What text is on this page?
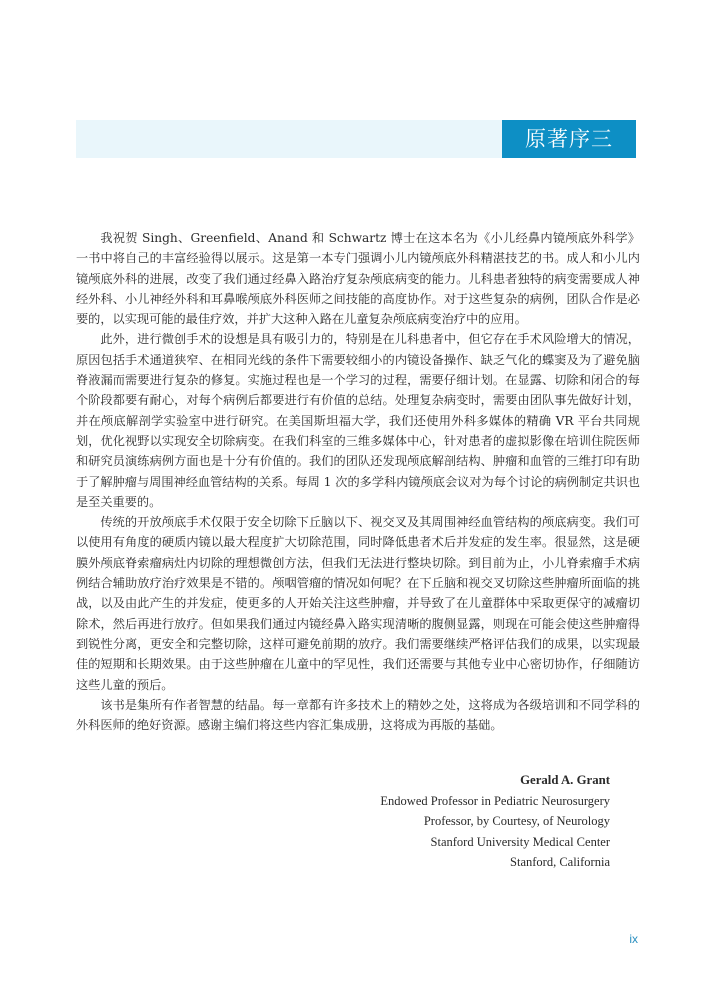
原著序三

我祝贺 Singh、Greenfield、Anand 和 Schwartz 博士在这本名为《小儿经鼻内镜颅底外科学》一书中将自己的丰富经验得以展示。这是第一本专门强调小儿内镜颅底外科精湛技艺的书。成人和小儿内镜颅底外科的进展，改变了我们通过经鼻入路治疗复杂颅底病变的能力。儿科患者独特的病变需要成人神经外科、小儿神经外科和耳鼻喉颅底外科医师之间技能的高度协作。对于这些复杂的病例，团队合作是必要的，以实现可能的最佳疗效，并扩大这种入路在儿童复杂颅底病变治疗中的应用。

此外，进行微创手术的设想是具有吸引力的，特别是在儿科患者中，但它存在手术风险增大的情况，原因包括手术通道狭窄、在相同光线的条件下需要较细小的内镜设备操作、缺乏气化的蝶窦及为了避免脑脊液漏而需要进行复杂的修复。实施过程也是一个学习的过程，需要仔细计划。在显露、切除和闭合的每个阶段都要有耐心，对每个病例后都要进行有价值的总结。处理复杂病变时，需要由团队事先做好计划，并在颅底解剖学实验室中进行研究。在美国斯坦福大学，我们还使用外科多媒体的精确 VR 平台共同规划，优化视野以实现安全切除病变。在我们科室的三维多媒体中心，针对患者的虚拟影像在培训住院医师和研究员演练病例方面也是十分有价值的。我们的团队还发现颅底解剖结构、肿瘤和血管的三维打印有助于了解肿瘤与周围神经血管结构的关系。每周 1 次的多学科内镜颅底会议对为每个讨论的病例制定共识也是至关重要的。

传统的开放颅底手术仅限于安全切除下丘脑以下、视交叉及其周围神经血管结构的颅底病变。我们可以使用有角度的硬质内镜以最大程度扩大切除范围，同时降低患者术后并发症的发生率。很显然，这是硬膜外颅底脊索瘤病灶内切除的理想微创方法，但我们无法进行整块切除。到目前为止，小儿脊索瘤手术病例结合辅助放疗治疗效果是不错的。颅咽管瘤的情况如何呢？在下丘脑和视交叉切除这些肿瘤所面临的挑战，以及由此产生的并发症，使更多的人开始关注这些肿瘤，并导致了在儿童群体中采取更保守的减瘤切除术，然后再进行放疗。但如果我们通过内镜经鼻入路实现清晰的腹侧显露，则现在可能会使这些肿瘤得到锐性分离，更安全和完整切除，这样可避免前期的放疗。我们需要继续严格评估我们的成果，以实现最佳的短期和长期效果。由于这些肿瘤在儿童中的罕见性，我们还需要与其他专业中心密切协作，仔细随访这些儿童的预后。

该书是集所有作者智慧的结晶。每一章都有许多技术上的精妙之处，这将成为各级培训和不同学科的外科医师的绝好资源。感谢主编们将这些内容汇集成册，这将成为再版的基础。

Gerald A. Grant
Endowed Professor in Pediatric Neurosurgery
Professor, by Courtesy, of Neurology
Stanford University Medical Center
Stanford, California
ix
